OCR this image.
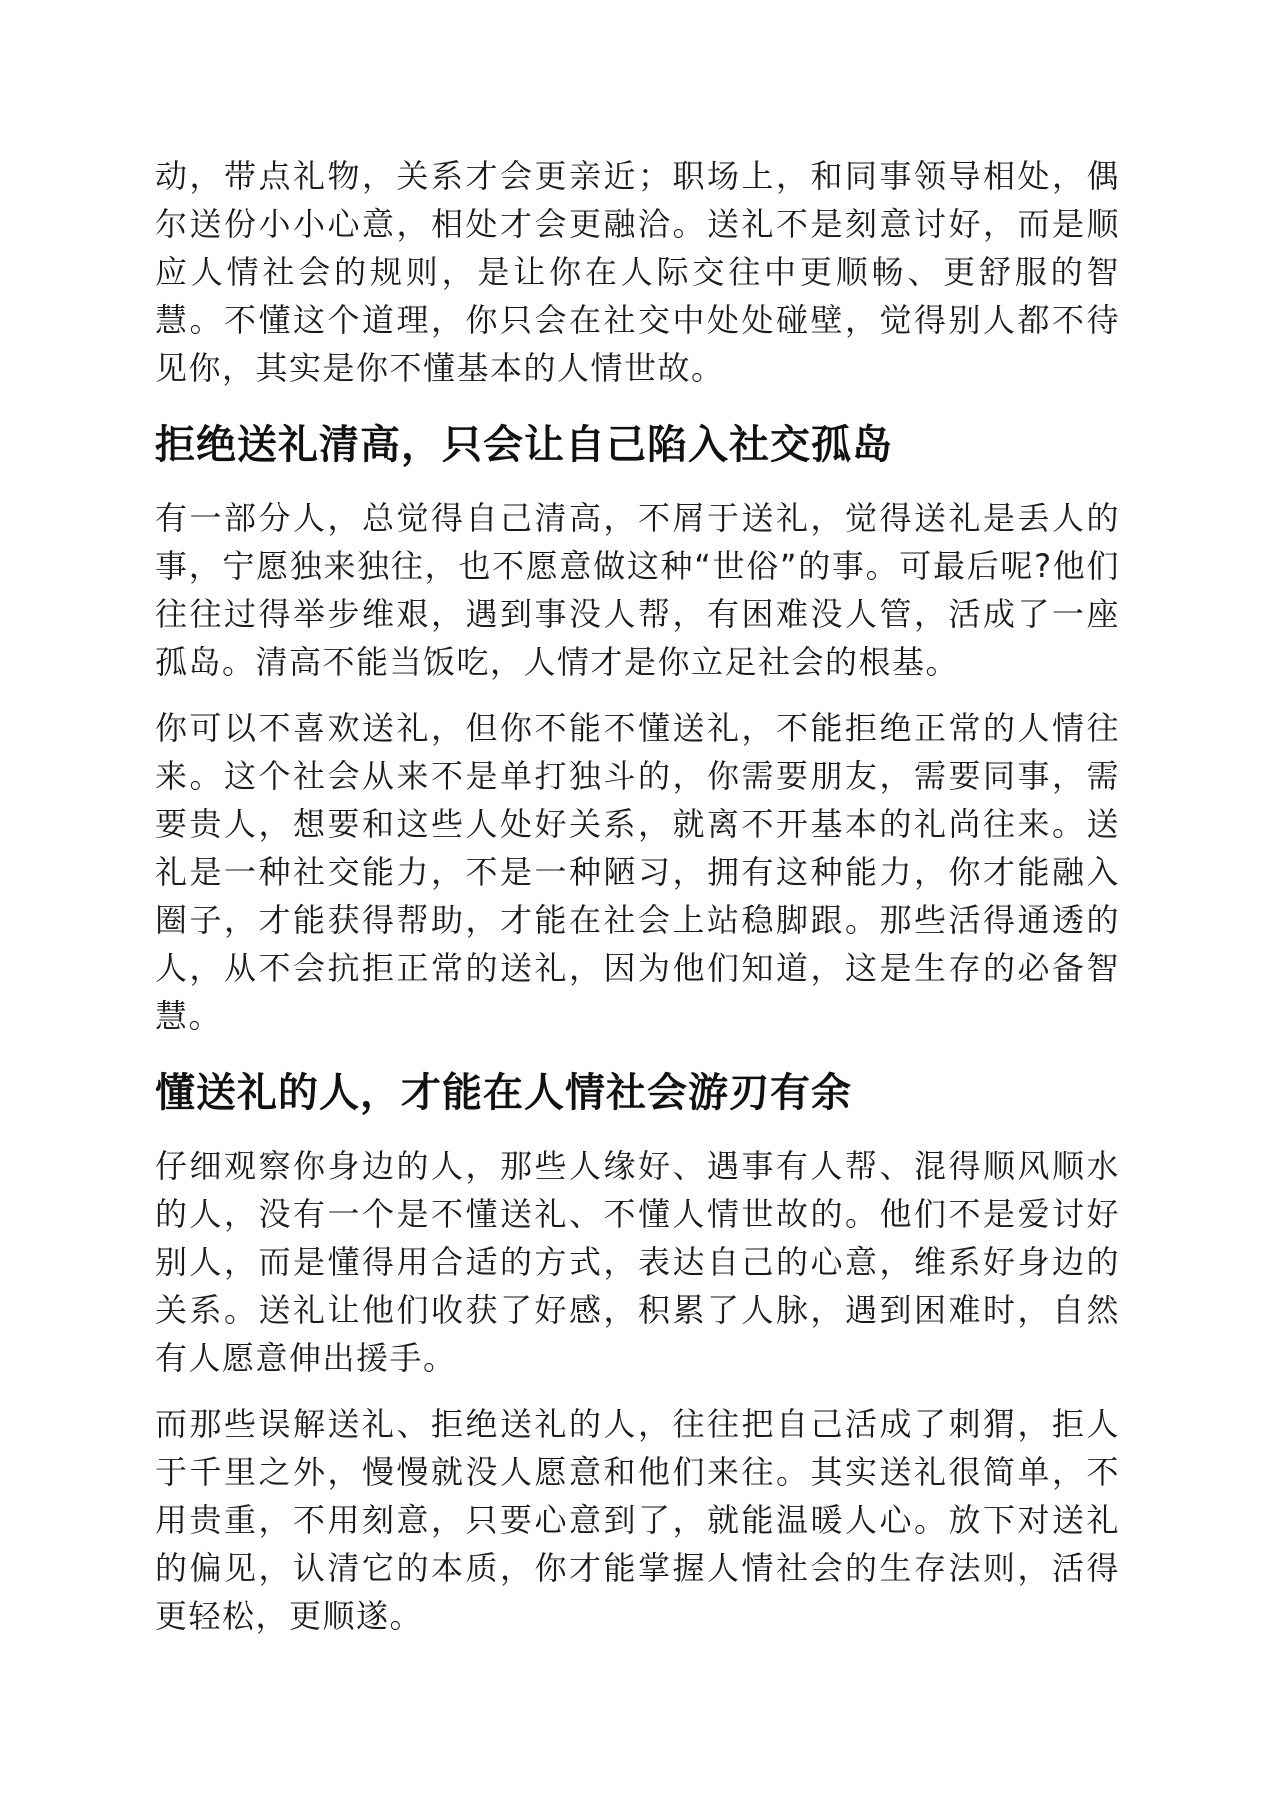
动，带点礼物，关系才会更亲近；职场上，和同事领导相处，偶尔送份小小心意，相处才会更融洽。送礼不是刻意讨好，而是顺应人情社会的规则，是让你在人际交往中更顺畅、更舒服的智慧。不懂这个道理，你只会在社交中处处碰壁，觉得别人都不待见你，其实是你不懂基本的人情世故。

拒绝送礼清高，只会让自己陷入社交孤岛

有一部分人，总觉得自己清高，不屑于送礼，觉得送礼是丢人的事，宁愿独来独往，也不愿意做这种“世俗”的事。可最后呢?他们往往过得举步维艰，遇到事没人帮，有困难没人管，活成了一座孤岛。清高不能当饭吃，人情才是你立足社会的根基。

你可以不喜欢送礼，但你不能不懂送礼，不能拒绝正常的人情往来。这个社会从来不是单打独斗的，你需要朋友，需要同事，需要贵人，想要和这些人处好关系，就离不开基本的礼尚往来。送礼是一种社交能力，不是一种陋习，拥有这种能力，你才能融入圈子，才能获得帮助，才能在社会上站稳脚跟。那些活得通透的人，从不会抗拒正常的送礼，因为他们知道，这是生存的必备智慧。

懂送礼的人，才能在人情社会游刃有余

仔细观察你身边的人，那些人缘好、遇事有人帮、混得顺风顺水的人，没有一个是不懂送礼、不懂人情世故的。他们不是爱讨好别人，而是懂得用合适的方式，表达自己的心意，维系好身边的关系。送礼让他们收获了好感，积累了人脉，遇到困难时，自然有人愿意伸出援手。

而那些误解送礼、拒绝送礼的人，往往把自己活成了刺猬，拒人于千里之外，慢慢就没人愿意和他们来往。其实送礼很简单，不用贵重，不用刻意，只要心意到了，就能温暖人心。放下对送礼的偏见，认清它的本质，你才能掌握人情社会的生存法则，活得更轻松，更顺遂。
